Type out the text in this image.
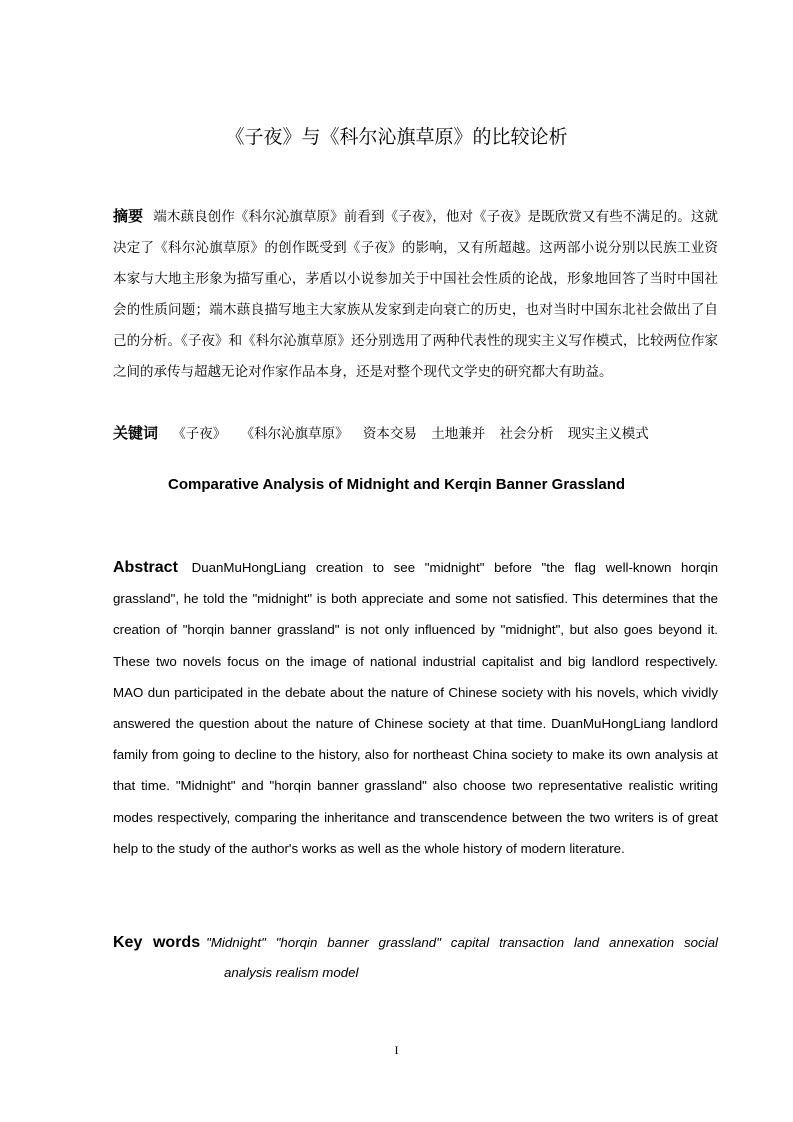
《子夜》与《科尔沁旗草原》的比较论析
摘要 端木蕻良创作《科尔沁旗草原》前看到《子夜》，他对《子夜》是既欣赏又有些不满足的。这就决定了《科尔沁旗草原》的创作既受到《子夜》的影响，又有所超越。这两部小说分别以民族工业资本家与大地主形象为描写重心，茅盾以小说参加关于中国社会性质的论战，形象地回答了当时中国社会的性质问题；端木蕻良描写地主大家族从发家到走向衰亡的历史，也对当时中国东北社会做出了自己的分析。《子夜》和《科尔沁旗草原》还分别选用了两种代表性的现实主义写作模式，比较两位作家之间的承传与超越无论对作家作品本身，还是对整个现代文学史的研究都大有助益。
关键词 《子夜》 《科尔沁旗草原》 资本交易 土地兼并 社会分析 现实主义模式
Comparative Analysis of Midnight and Kerqin Banner Grassland
Abstract DuanMuHongLiang creation to see "midnight" before "the flag well-known horqin grassland", he told the "midnight" is both appreciate and some not satisfied. This determines that the creation of "horqin banner grassland" is not only influenced by "midnight", but also goes beyond it. These two novels focus on the image of national industrial capitalist and big landlord respectively. MAO dun participated in the debate about the nature of Chinese society with his novels, which vividly answered the question about the nature of Chinese society at that time. DuanMuHongLiang landlord family from going to decline to the history, also for northeast China society to make its own analysis at that time. "Midnight" and "horqin banner grassland" also choose two representative realistic writing modes respectively, comparing the inheritance and transcendence between the two writers is of great help to the study of the author's works as well as the whole history of modern literature.
Key words "Midnight" "horqin banner grassland" capital transaction land annexation social
analysis realism model
I
